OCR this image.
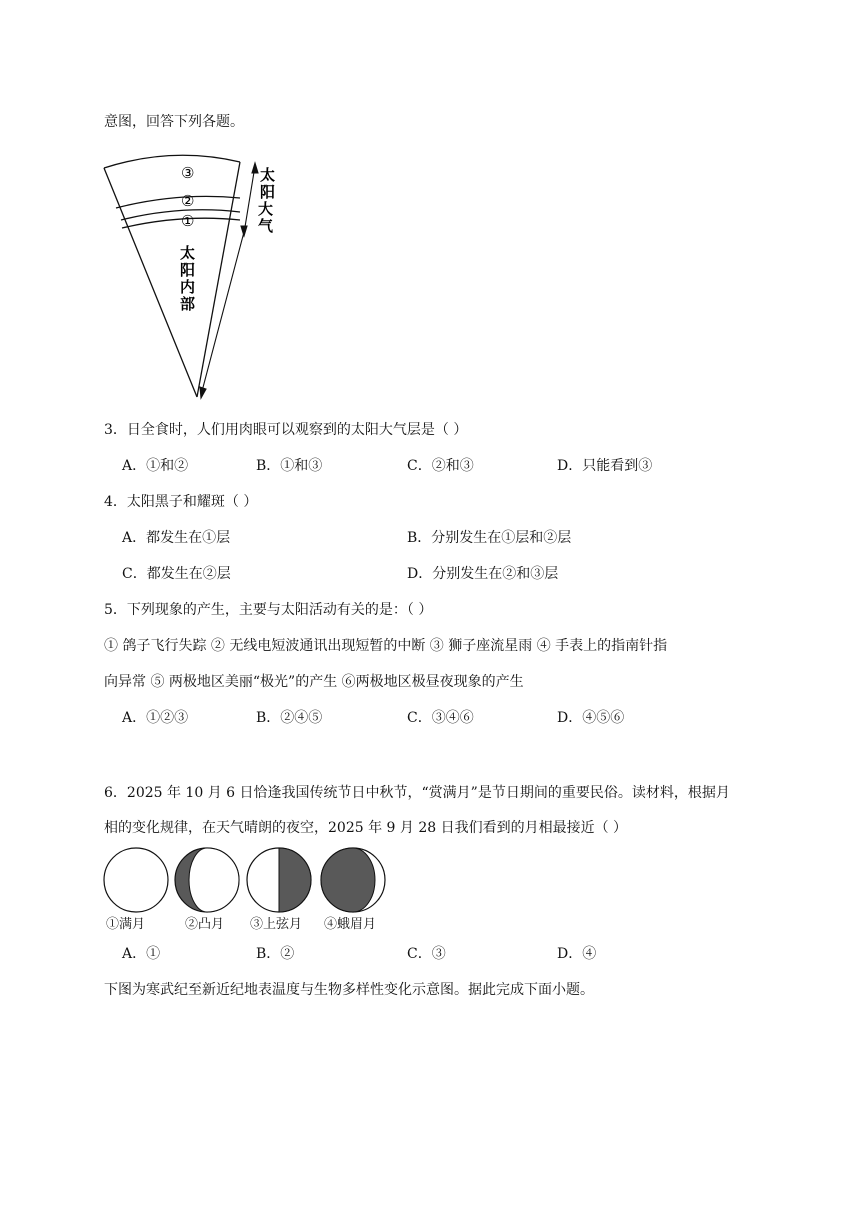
意图，回答下列各题。
③
②
①
太
阳
大
气
太
阳
内
部
3．日全食时，人们用肉眼可以观察到的太阳大气层是（ ）
A．①和②	B．①和③	C．②和③	D．只能看到③
4．太阳黑子和耀斑（ ）
A．都发生在①层	B．分别发生在①层和②层
C．都发生在②层	D．分别发生在②和③层
5．下列现象的产生，主要与太阳活动有关的是：（ ）
① 鸽子飞行失踪 ② 无线电短波通讯出现短暂的中断 ③ 狮子座流星雨 ④ 手表上的指南针指
向异常 ⑤ 两极地区美丽“极光”的产生 ⑥两极地区极昼夜现象的产生
A．①②③	B．②④⑤	C．③④⑥	D．④⑤⑥
6．2025 年 10 月 6 日恰逢我国传统节日中秋节，“赏满月”是节日期间的重要民俗。读材料，根据月
相的变化规律，在天气晴朗的夜空，2025 年 9 月 28 日我们看到的月相最接近（ ）
①满月	②凸月 ③上弦月 ④蛾眉月
A．①	B．②	C．③	D．④
下图为寒武纪至新近纪地表温度与生物多样性变化示意图。据此完成下面小题。
